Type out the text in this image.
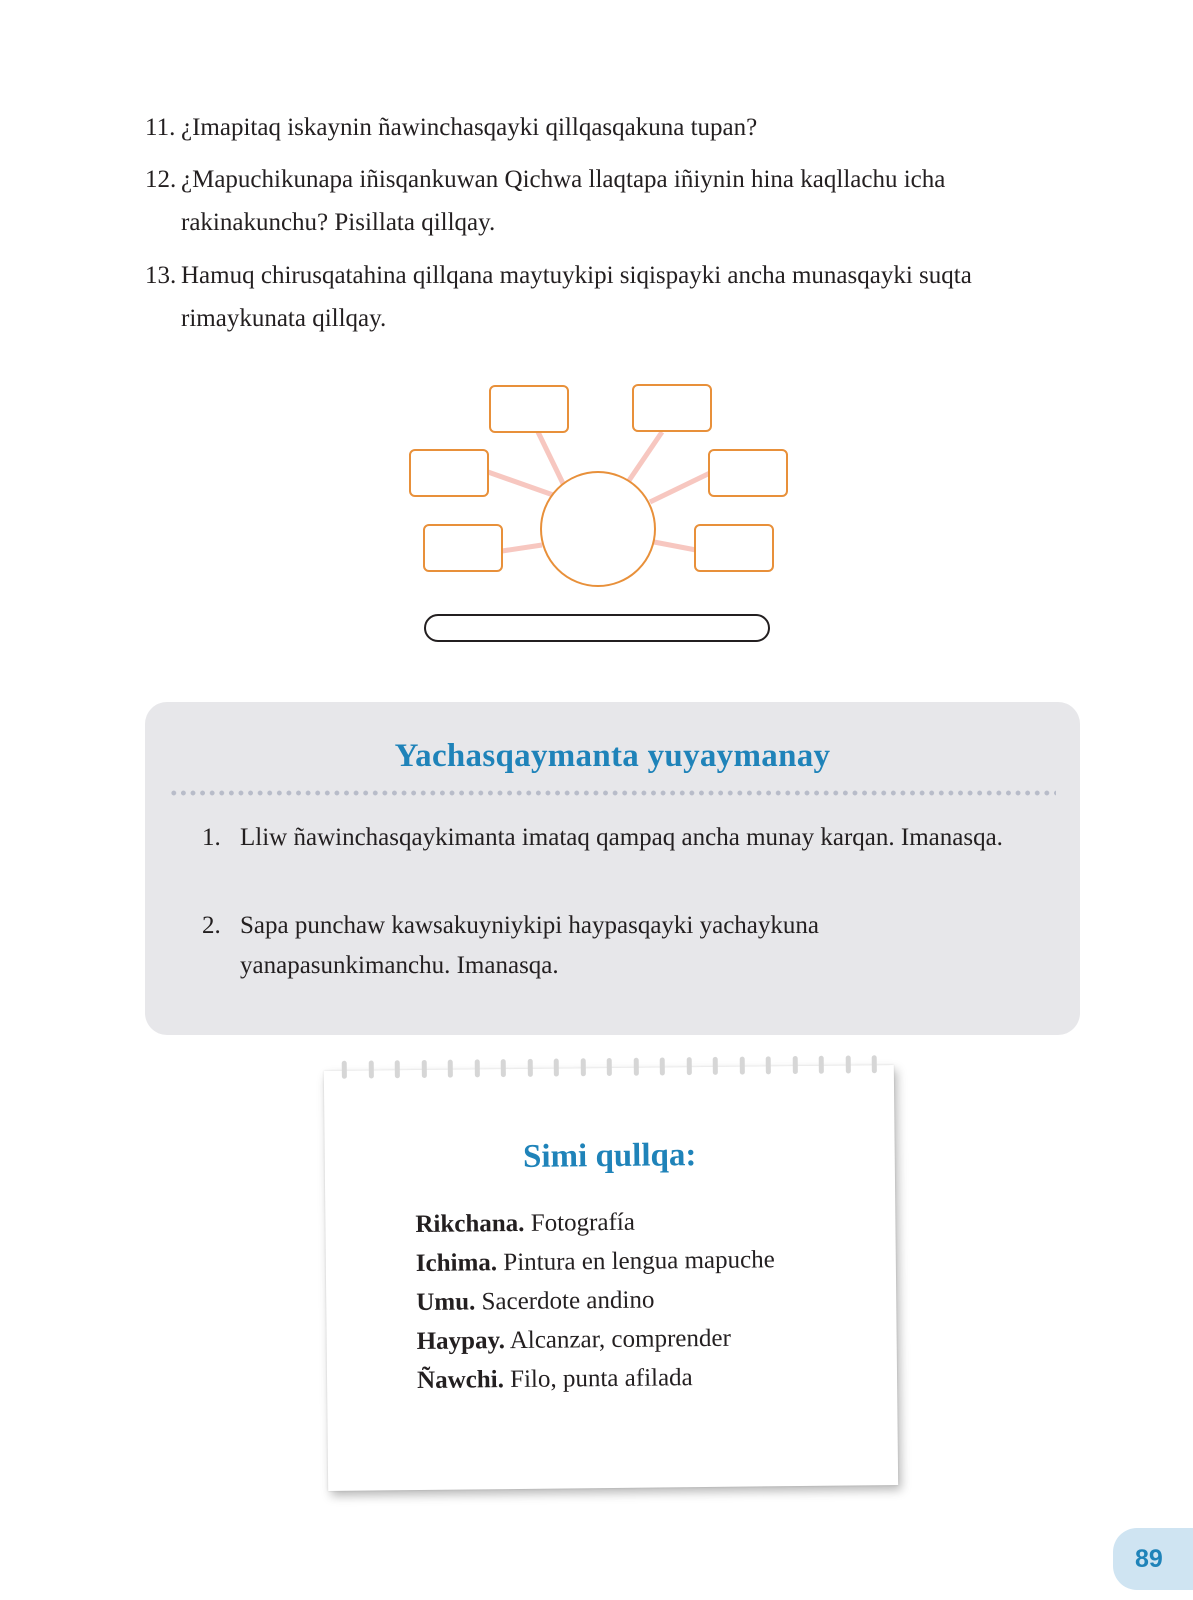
11. ¿Imapitaq iskaynin ñawinchasqayki qillqasqakuna tupan?
12. ¿Mapuchikunapa iñisqankuwan Qichwa llaqtapa iñiynin hina kaqllachu icha rakinakunchu? Pisillata qillqay.
13. Hamuq chirusqatahina qillqana maytuykipi siqispayki ancha munasqayki suqta rimaykunata qillqay.
Yachasqaymanta yuyaymanay
1. Lliw ñawinchasqaykimanta imataq qampaq ancha munay karqan. Imanasqa.
2. Sapa punchaw kawsakuyniykipi haypasqayki yachaykuna yanapasunkimanchu. Imanasqa.
Simi qullqa:
Rikchana. Fotografía
Ichima. Pintura en lengua mapuche
Umu. Sacerdote andino
Haypay. Alcanzar, comprender
Ñawchi. Filo, punta afilada
89
